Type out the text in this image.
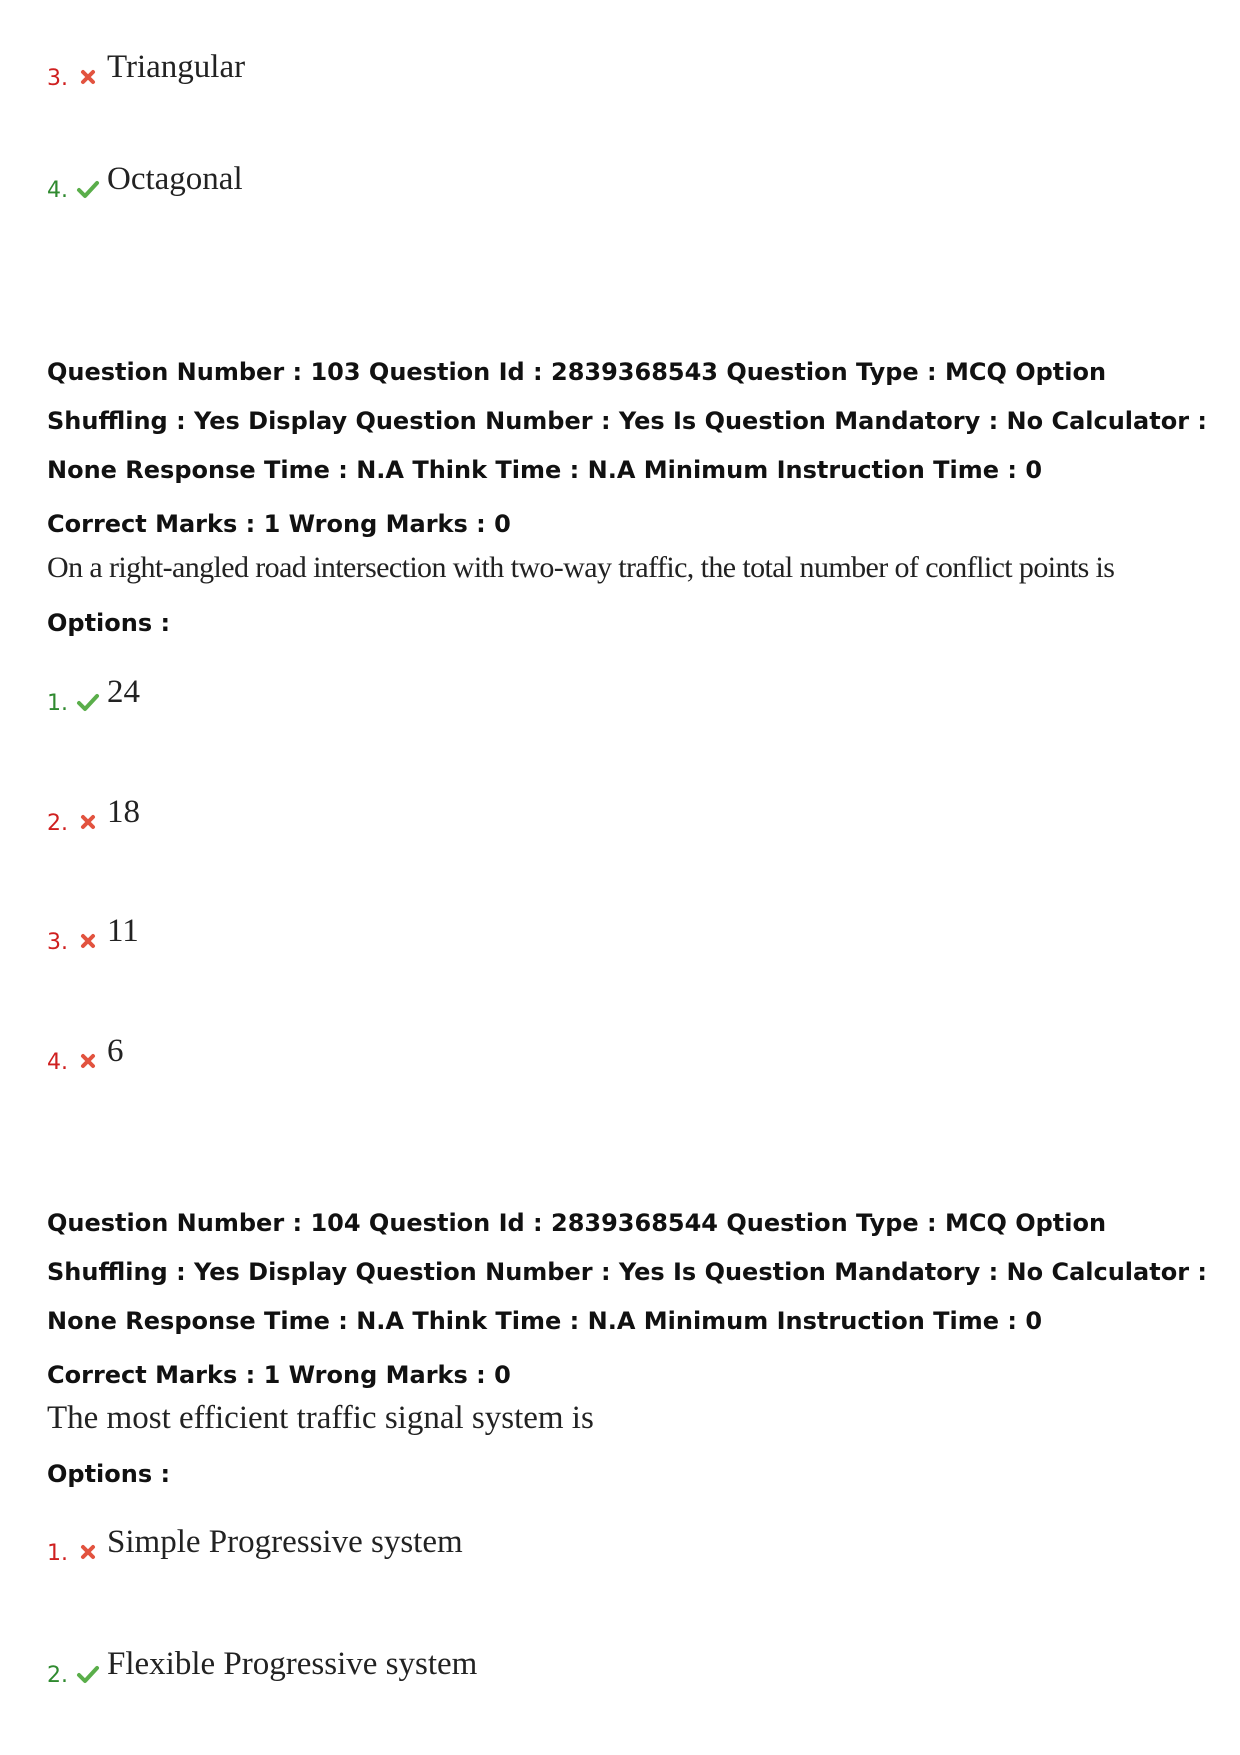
3. Triangular
4. Octagonal
Question Number : 103 Question Id : 2839368543 Question Type : MCQ Option Shuffling : Yes Display Question Number : Yes Is Question Mandatory : No Calculator : None Response Time : N.A Think Time : N.A Minimum Instruction Time : 0
Correct Marks : 1 Wrong Marks : 0
On a right-angled road intersection with two-way traffic, the total number of conflict points is
Options :
1. 24
2. 18
3. 11
4. 6
Question Number : 104 Question Id : 2839368544 Question Type : MCQ Option Shuffling : Yes Display Question Number : Yes Is Question Mandatory : No Calculator : None Response Time : N.A Think Time : N.A Minimum Instruction Time : 0
Correct Marks : 1 Wrong Marks : 0
The most efficient traffic signal system is
Options :
1. Simple Progressive system
2. Flexible Progressive system
